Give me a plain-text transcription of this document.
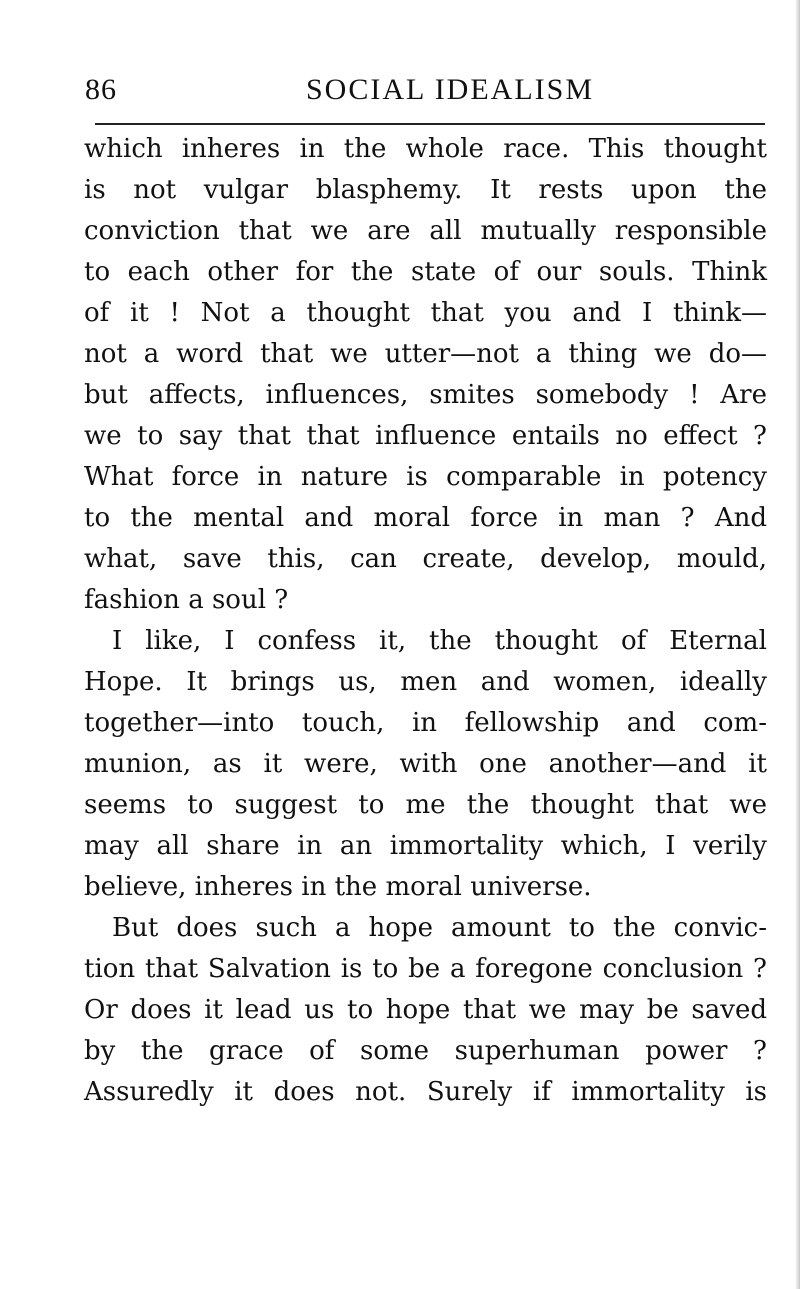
86	SOCIAL IDEALISM
which inheres in the whole race. This thought
is not vulgar blasphemy. It rests upon the
conviction that we are all mutually responsible
to each other for the state of our souls. Think
of it ! Not a thought that you and I think—
not a word that we utter—not a thing we do—
but affects, influences, smites somebody ! Are
we to say that that influence entails no effect ?
What force in nature is comparable in potency
to the mental and moral force in man ? And
what, save this, can create, develop, mould,
fashion a soul ?
I like, I confess it, the thought of Eternal
Hope. It brings us, men and women, ideally
together—into touch, in fellowship and com-
munion, as it were, with one another—and it
seems to suggest to me the thought that we
may all share in an immortality which, I verily
believe, inheres in the moral universe.
But does such a hope amount to the convic-
tion that Salvation is to be a foregone conclusion ?
Or does it lead us to hope that we may be saved
by the grace of some superhuman power ?
Assuredly it does not. Surely if immortality is
